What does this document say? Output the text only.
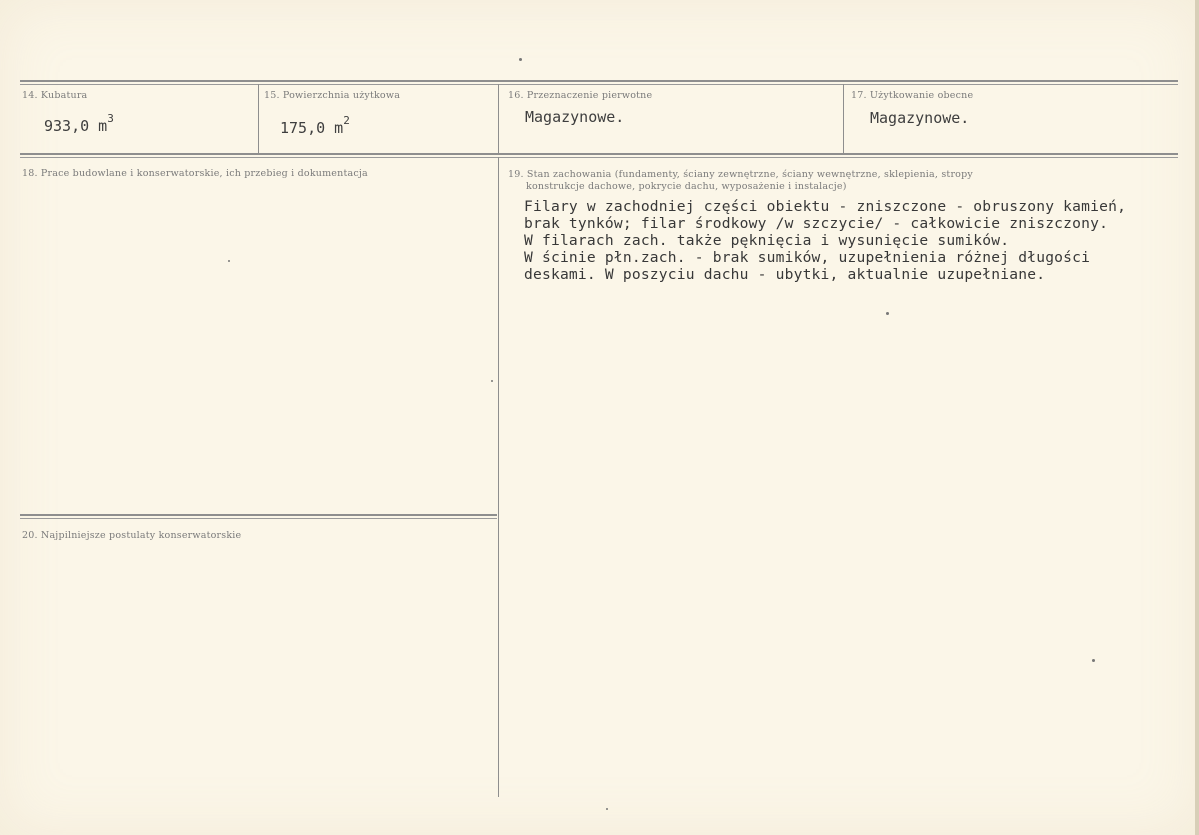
14. Kubatura
933,0 $m^3$
15. Powierzchnia użytkowa
175,0 $m^2$
16. Przeznaczenie pierwotne
Magazynowe.
17. Użytkowanie obecne
Magazynowe.
18. Prace budowlane i konserwatorskie, ich przebieg i dokumentacja	19. Stan zachowania (fundamenty, ściany zewnętrzne, ściany wewnętrzne, sklepienia, stropy
konstrukcje dachowe, pokrycie dachu, wyposażenie i instalacje)
Filary w zachodniej części obiektu - zniszczone - obruszony kamień,
brak tynków; filar środkowy /w szczycie/ - całkowicie zniszczony.
W filarach zach. także pęknięcia i wysunięcie sumików.
W ścinie płn.zach. - brak sumików, uzupełnienia różnej długości
deskami. W poszyciu dachu - ubytki, aktualnie uzupełniane.
20. Najpilniejsze postulaty konserwatorskie
